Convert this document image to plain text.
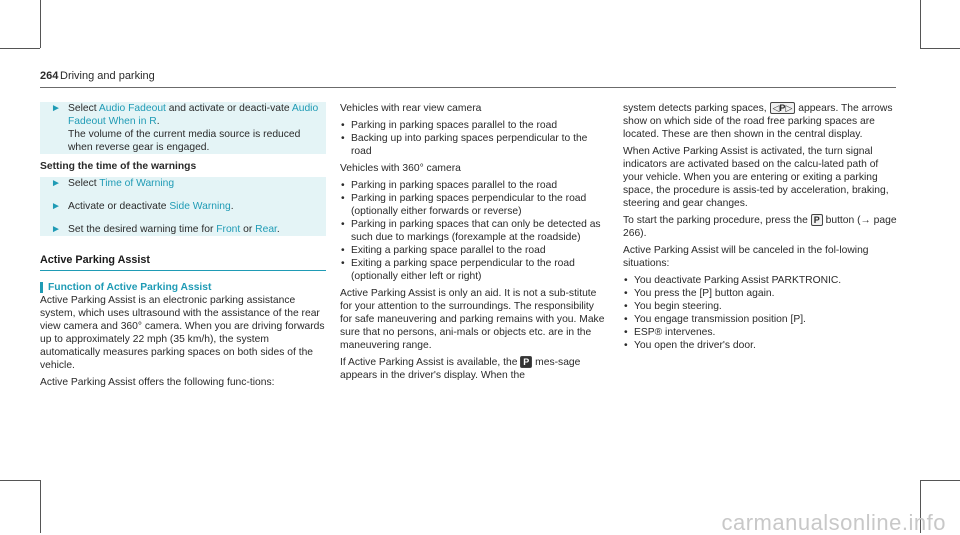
264 Driving and parking
► Select Audio Fadeout and activate or deacti-vate Audio Fadeout When in R.
The volume of the current media source is reduced when reverse gear is engaged.
Setting the time of the warnings
► Select Time of Warning
► Activate or deactivate Side Warning.
► Set the desired warning time for Front or Rear.
Active Parking Assist
Function of Active Parking Assist

Active Parking Assist is an electronic parking assistance system, which uses ultrasound with the assistance of the rear view camera and 360° camera. When you are driving forwards up to approximately 22 mph (35 km/h), the system automatically measures parking spaces on both sides of the vehicle.

Active Parking Assist offers the following func-tions:

Vehicles with rear view camera

• Parking in parking spaces parallel to the road
• Backing up into parking spaces perpendicular to the road

Vehicles with 360° camera

• Parking in parking spaces parallel to the road
• Parking in parking spaces perpendicular to the road (optionally either forwards or reverse)
• Parking in parking spaces that can only be detected as such due to markings (forexample at the roadside)
• Exiting a parking space parallel to the road
• Exiting a parking space perpendicular to the road (optionally either left or right)

Active Parking Assist is only an aid. It is not a sub-stitute for your attention to the surroundings. The responsibility for safe maneuvering and parking remains with you. Make sure that no persons, ani-mals or objects etc. are in the maneuvering range.

If Active Parking Assist is available, the P mes-sage appears in the driver's display. When the

system detects parking spaces, ◁P▷ appears. The arrows show on which side of the road free parking spaces are located. These are then shown in the central display.

When Active Parking Assist is activated, the turn signal indicators are activated based on the calcu-lated path of your vehicle. When you are entering or exiting a parking space, the procedure is assis-ted by acceleration, braking, steering and gear changes.

To start the parking procedure, press the P button (→ page 266).

Active Parking Assist will be canceled in the fol-lowing situations:

• You deactivate Parking Assist PARKTRONIC.
• You press the [P] button again.
• You begin steering.
• You engage transmission position [P].
• ESP® intervenes.
• You open the driver's door.
carmanualsonline.info
